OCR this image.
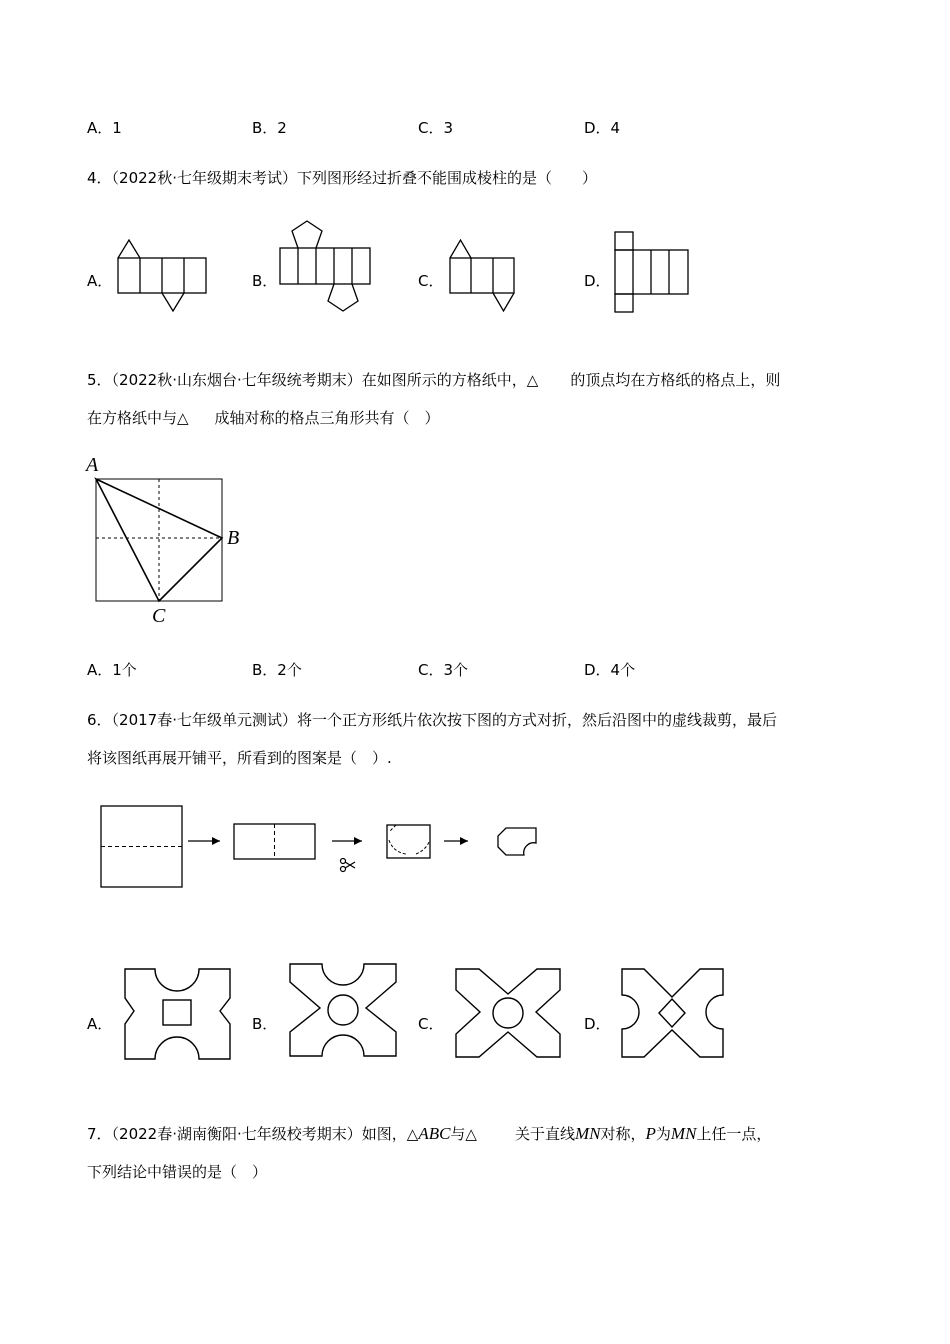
A．1	B．2	C．3	D．4
4．（2022秋·七年级期末考试）下列图形经过折叠不能围成棱柱的是（　　）
A．	B．	C．	D．
5．（2022秋·山东烟台·七年级统考期末）在如图所示的方格纸中，△ 的顶点均在方格纸的格点上，则
在方格纸中与△ 成轴对称的格点三角形共有（　）
A
B
C
A．1个	B．2个	C．3个	D．4个
6．（2017春·七年级单元测试）将一个正方形纸片依次按下图的方式对折，然后沿图中的虚线裁剪，最后
将该图纸再展开铺平，所看到的图案是（　）.
A．	B．	C．	D．
7．（2022春·湖南衡阳·七年级校考期末）如图，△ABC与△	关于直线MN对称，P为MN上任一点，
下列结论中错误的是（　）
